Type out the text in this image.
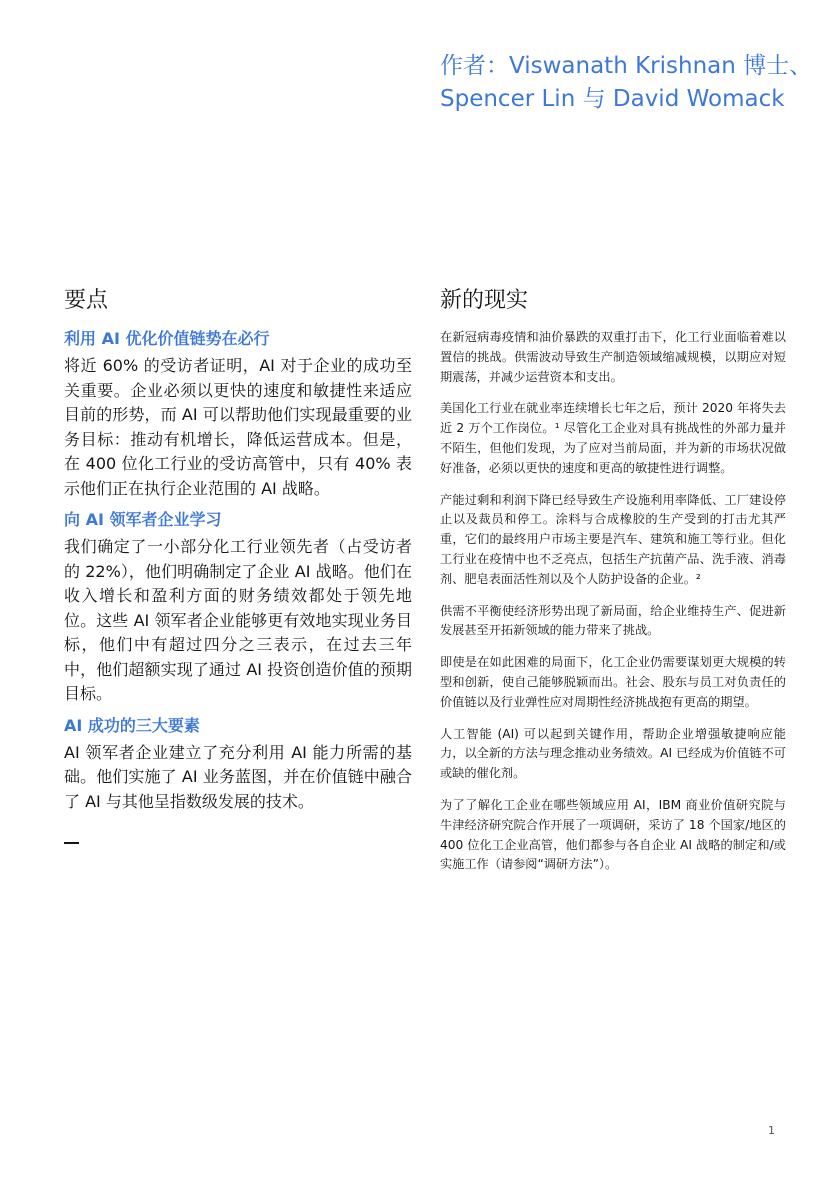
作者：Viswanath Krishnan 博士、
Spencer Lin 与 David Womack
要点
利用 AI 优化价值链势在必行

将近 60% 的受访者证明，AI 对于企业的成功至关重要。企业必须以更快的速度和敏捷性来适应目前的形势，而 AI 可以帮助他们实现最重要的业务目标：推动有机增长，降低运营成本。但是，在 400 位化工行业的受访高管中，只有 40% 表示他们正在执行企业范围的 AI 战略。

向 AI 领军者企业学习

我们确定了一小部分化工行业领先者（占受访者的 22%），他们明确制定了企业 AI 战略。他们在收入增长和盈利方面的财务绩效都处于领先地位。这些 AI 领军者企业能够更有效地实现业务目标，他们中有超过四分之三表示，在过去三年中，他们超额实现了通过 AI 投资创造价值的预期目标。

AI 成功的三大要素

AI 领军者企业建立了充分利用 AI 能力所需的基础。他们实施了 AI 业务蓝图，并在价值链中融合了 AI 与其他呈指数级发展的技术。

新的现实

在新冠病毒疫情和油价暴跌的双重打击下，化工行业面临着难以置信的挑战。供需波动导致生产制造领域缩减规模，以期应对短期震荡，并减少运营资本和支出。

美国化工行业在就业率连续增长七年之后，预计 2020 年将失去近 2 万个工作岗位。¹ 尽管化工企业对具有挑战性的外部力量并不陌生，但他们发现，为了应对当前局面，并为新的市场状况做好准备，必须以更快的速度和更高的敏捷性进行调整。

产能过剩和利润下降已经导致生产设施利用率降低、工厂建设停止以及裁员和停工。涂料与合成橡胶的生产受到的打击尤其严重，它们的最终用户市场主要是汽车、建筑和施工等行业。但化工行业在疫情中也不乏亮点，包括生产抗菌产品、洗手液、消毒剂、肥皂表面活性剂以及个人防护设备的企业。²

供需不平衡使经济形势出现了新局面，给企业维持生产、促进新发展甚至开拓新领域的能力带来了挑战。

即使是在如此困难的局面下，化工企业仍需要谋划更大规模的转型和创新，使自己能够脱颖而出。社会、股东与员工对负责任的价值链以及行业弹性应对周期性经济挑战抱有更高的期望。

人工智能 (AI) 可以起到关键作用，帮助企业增强敏捷响应能力，以全新的方法与理念推动业务绩效。AI 已经成为价值链不可或缺的催化剂。

为了了解化工企业在哪些领域应用 AI，IBM 商业价值研究院与牛津经济研究院合作开展了一项调研，采访了 18 个国家/地区的 400 位化工企业高管，他们都参与各自企业 AI 战略的制定和/或实施工作（请参阅“调研方法”）。

1
